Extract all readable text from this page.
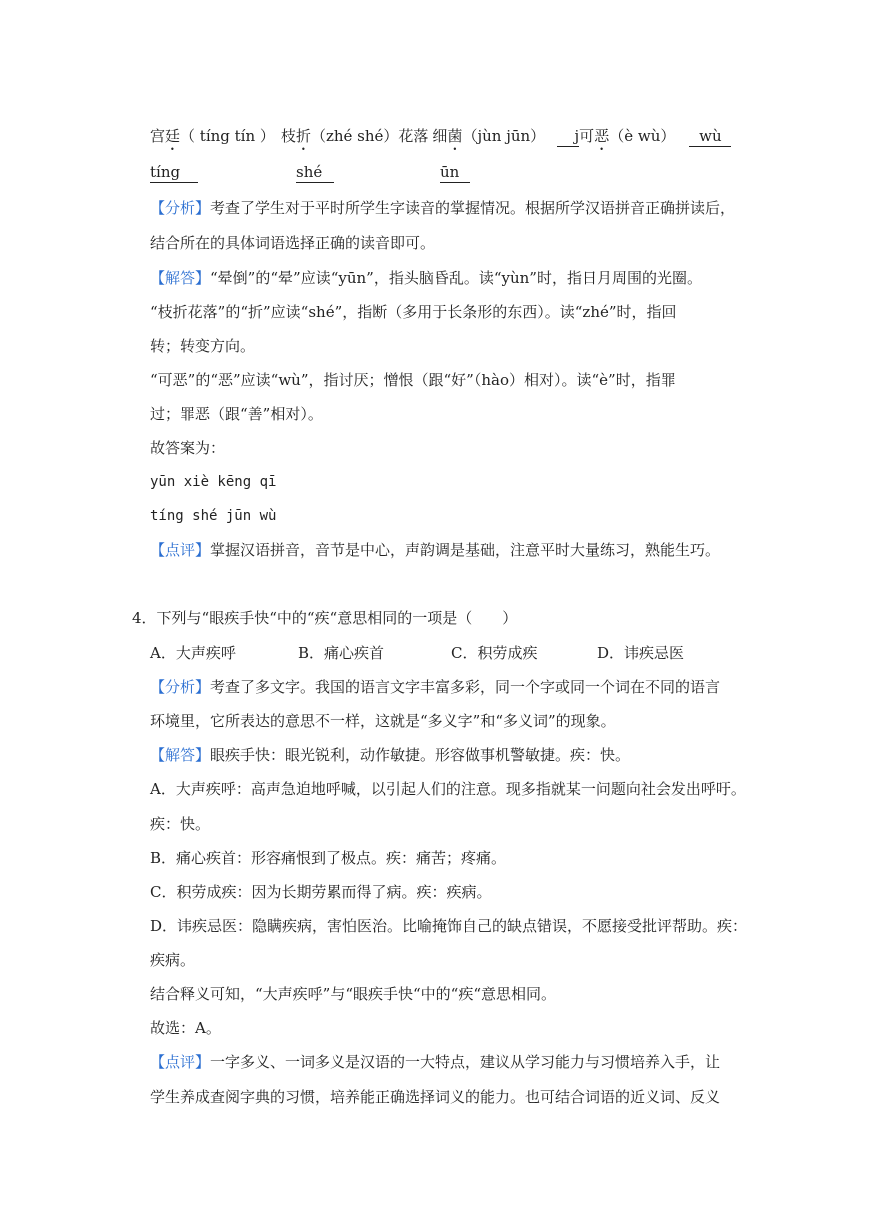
宫廷（ tíng tín ） 枝折（zhé shé）花落 细菌（jùn jūn） j可恶（è wù） wù
tíng	shé	ūn
【分析】考查了学生对于平时所学生字读音的掌握情况。根据所学汉语拼音正确拼读后，
结合所在的具体词语选择正确的读音即可。
【解答】“晕倒”的“晕”应读“yūn”，指头脑昏乱。读“yùn”时，指日月周围的光圈。
“枝折花落”的“折”应读“shé”，指断（多用于长条形的东西）。读“zhé”时，指回
转；转变方向。
“可恶”的“恶”应读“wù”，指讨厌；憎恨（跟“好”（hào）相对）。读“è”时，指罪
过；罪恶（跟“善”相对）。
故答案为：
yūn xiè kēng qī
tíng shé jūn wù
【点评】掌握汉语拼音，音节是中心，声韵调是基础，注意平时大量练习，熟能生巧。
4．下列与“眼疾手快“中的“疾“意思相同的一项是（　　）
A．大声疾呼	B．痛心疾首	C．积劳成疾	D．讳疾忌医
【分析】考查了多文字。我国的语言文字丰富多彩，同一个字或同一个词在不同的语言
环境里，它所表达的意思不一样，这就是“多义字”和“多义词”的现象。
【解答】眼疾手快：眼光锐利，动作敏捷。形容做事机警敏捷。疾：快。
A．大声疾呼：高声急迫地呼喊，以引起人们的注意。现多指就某一问题向社会发出呼吁。
疾：快。
B．痛心疾首：形容痛恨到了极点。疾：痛苦；疼痛。
C．积劳成疾：因为长期劳累而得了病。疾：疾病。
D．讳疾忌医：隐瞒疾病，害怕医治。比喻掩饰自己的缺点错误，不愿接受批评帮助。疾：
疾病。
结合释义可知，“大声疾呼”与“眼疾手快“中的“疾“意思相同。
故选：A。
【点评】一字多义、一词多义是汉语的一大特点，建议从学习能力与习惯培养入手，让
学生养成查阅字典的习惯，培养能正确选择词义的能力。也可结合词语的近义词、反义
